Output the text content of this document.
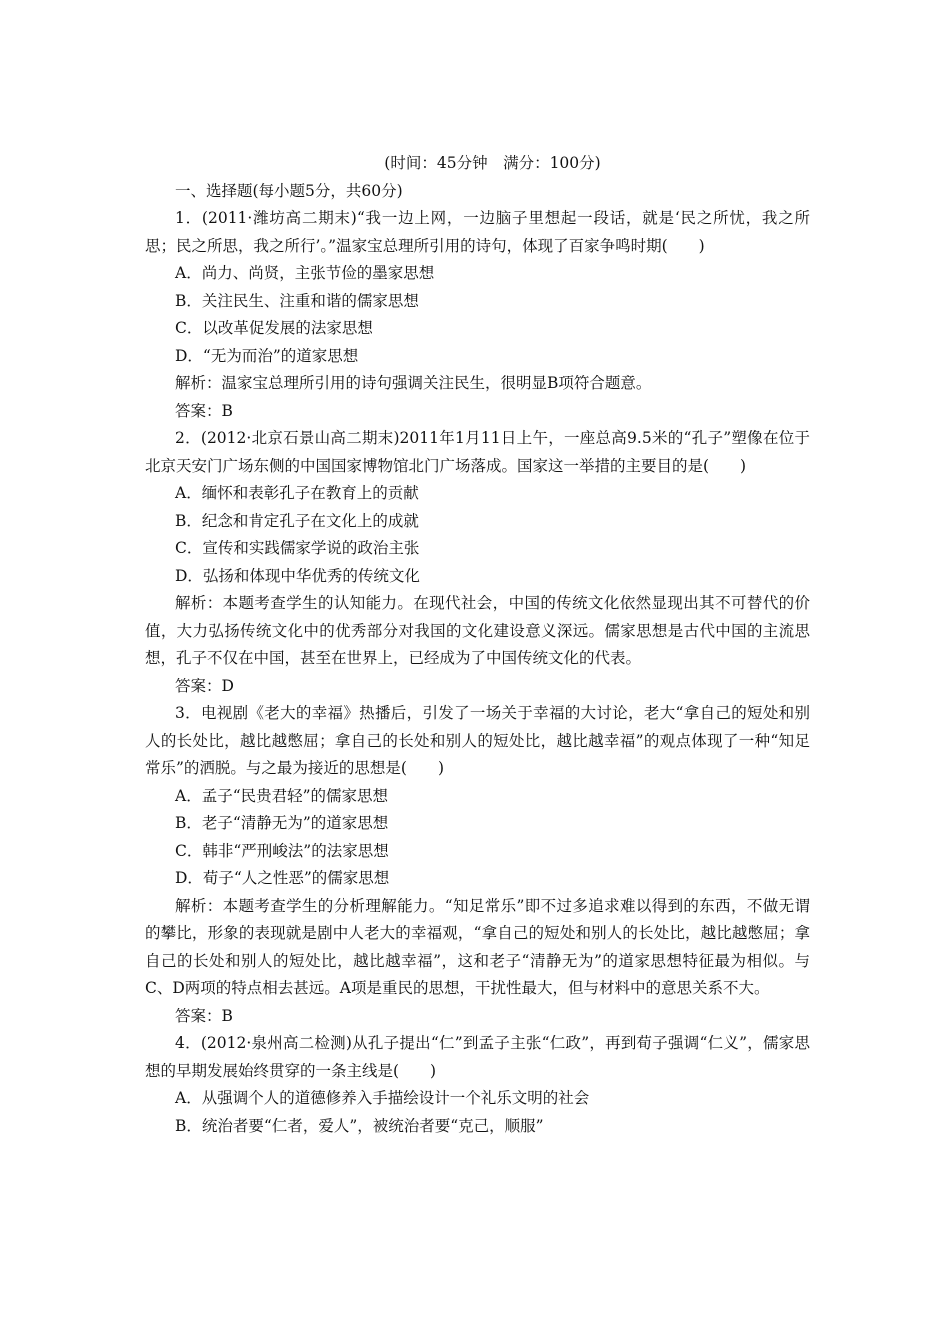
(时间：45分钟　满分：100分)
一、选择题(每小题5分，共60分)
1．(2011·潍坊高二期末)“我一边上网，一边脑子里想起一段话，就是‘民之所忧，我之所思；民之所思，我之所行’。”温家宝总理所引用的诗句，体现了百家争鸣时期(　　)
A．尚力、尚贤，主张节俭的墨家思想
B．关注民生、注重和谐的儒家思想
C．以改革促发展的法家思想
D．“无为而治”的道家思想
解析：温家宝总理所引用的诗句强调关注民生，很明显B项符合题意。
答案：B
2．(2012·北京石景山高二期末)2011年1月11日上午，一座总高9.5米的“孔子”塑像在位于北京天安门广场东侧的中国国家博物馆北门广场落成。国家这一举措的主要目的是(　　)
A．缅怀和表彰孔子在教育上的贡献
B．纪念和肯定孔子在文化上的成就
C．宣传和实践儒家学说的政治主张
D．弘扬和体现中华优秀的传统文化
解析：本题考查学生的认知能力。在现代社会，中国的传统文化依然显现出其不可替代的价值，大力弘扬传统文化中的优秀部分对我国的文化建设意义深远。儒家思想是古代中国的主流思想，孔子不仅在中国，甚至在世界上，已经成为了中国传统文化的代表。
答案：D
3．电视剧《老大的幸福》热播后，引发了一场关于幸福的大讨论，老大“拿自己的短处和别人的长处比，越比越憋屈；拿自己的长处和别人的短处比，越比越幸福”的观点体现了一种“知足常乐”的洒脱。与之最为接近的思想是(　　)
A．孟子“民贵君轻”的儒家思想
B．老子“清静无为”的道家思想
C．韩非“严刑峻法”的法家思想
D．荀子“人之性恶”的儒家思想
解析：本题考查学生的分析理解能力。“知足常乐”即不过多追求难以得到的东西，不做无谓的攀比，形象的表现就是剧中人老大的幸福观，“拿自己的短处和别人的长处比，越比越憋屈；拿自己的长处和别人的短处比，越比越幸福”，这和老子“清静无为”的道家思想特征最为相似。与C、D两项的特点相去甚远。A项是重民的思想，干扰性最大，但与材料中的意思关系不大。
答案：B
4．(2012·泉州高二检测)从孔子提出“仁”到孟子主张“仁政”，再到荀子强调“仁义”，儒家思想的早期发展始终贯穿的一条主线是(　　)
A．从强调个人的道德修养入手描绘设计一个礼乐文明的社会
B．统治者要“仁者，爱人”，被统治者要“克己，顺服”
